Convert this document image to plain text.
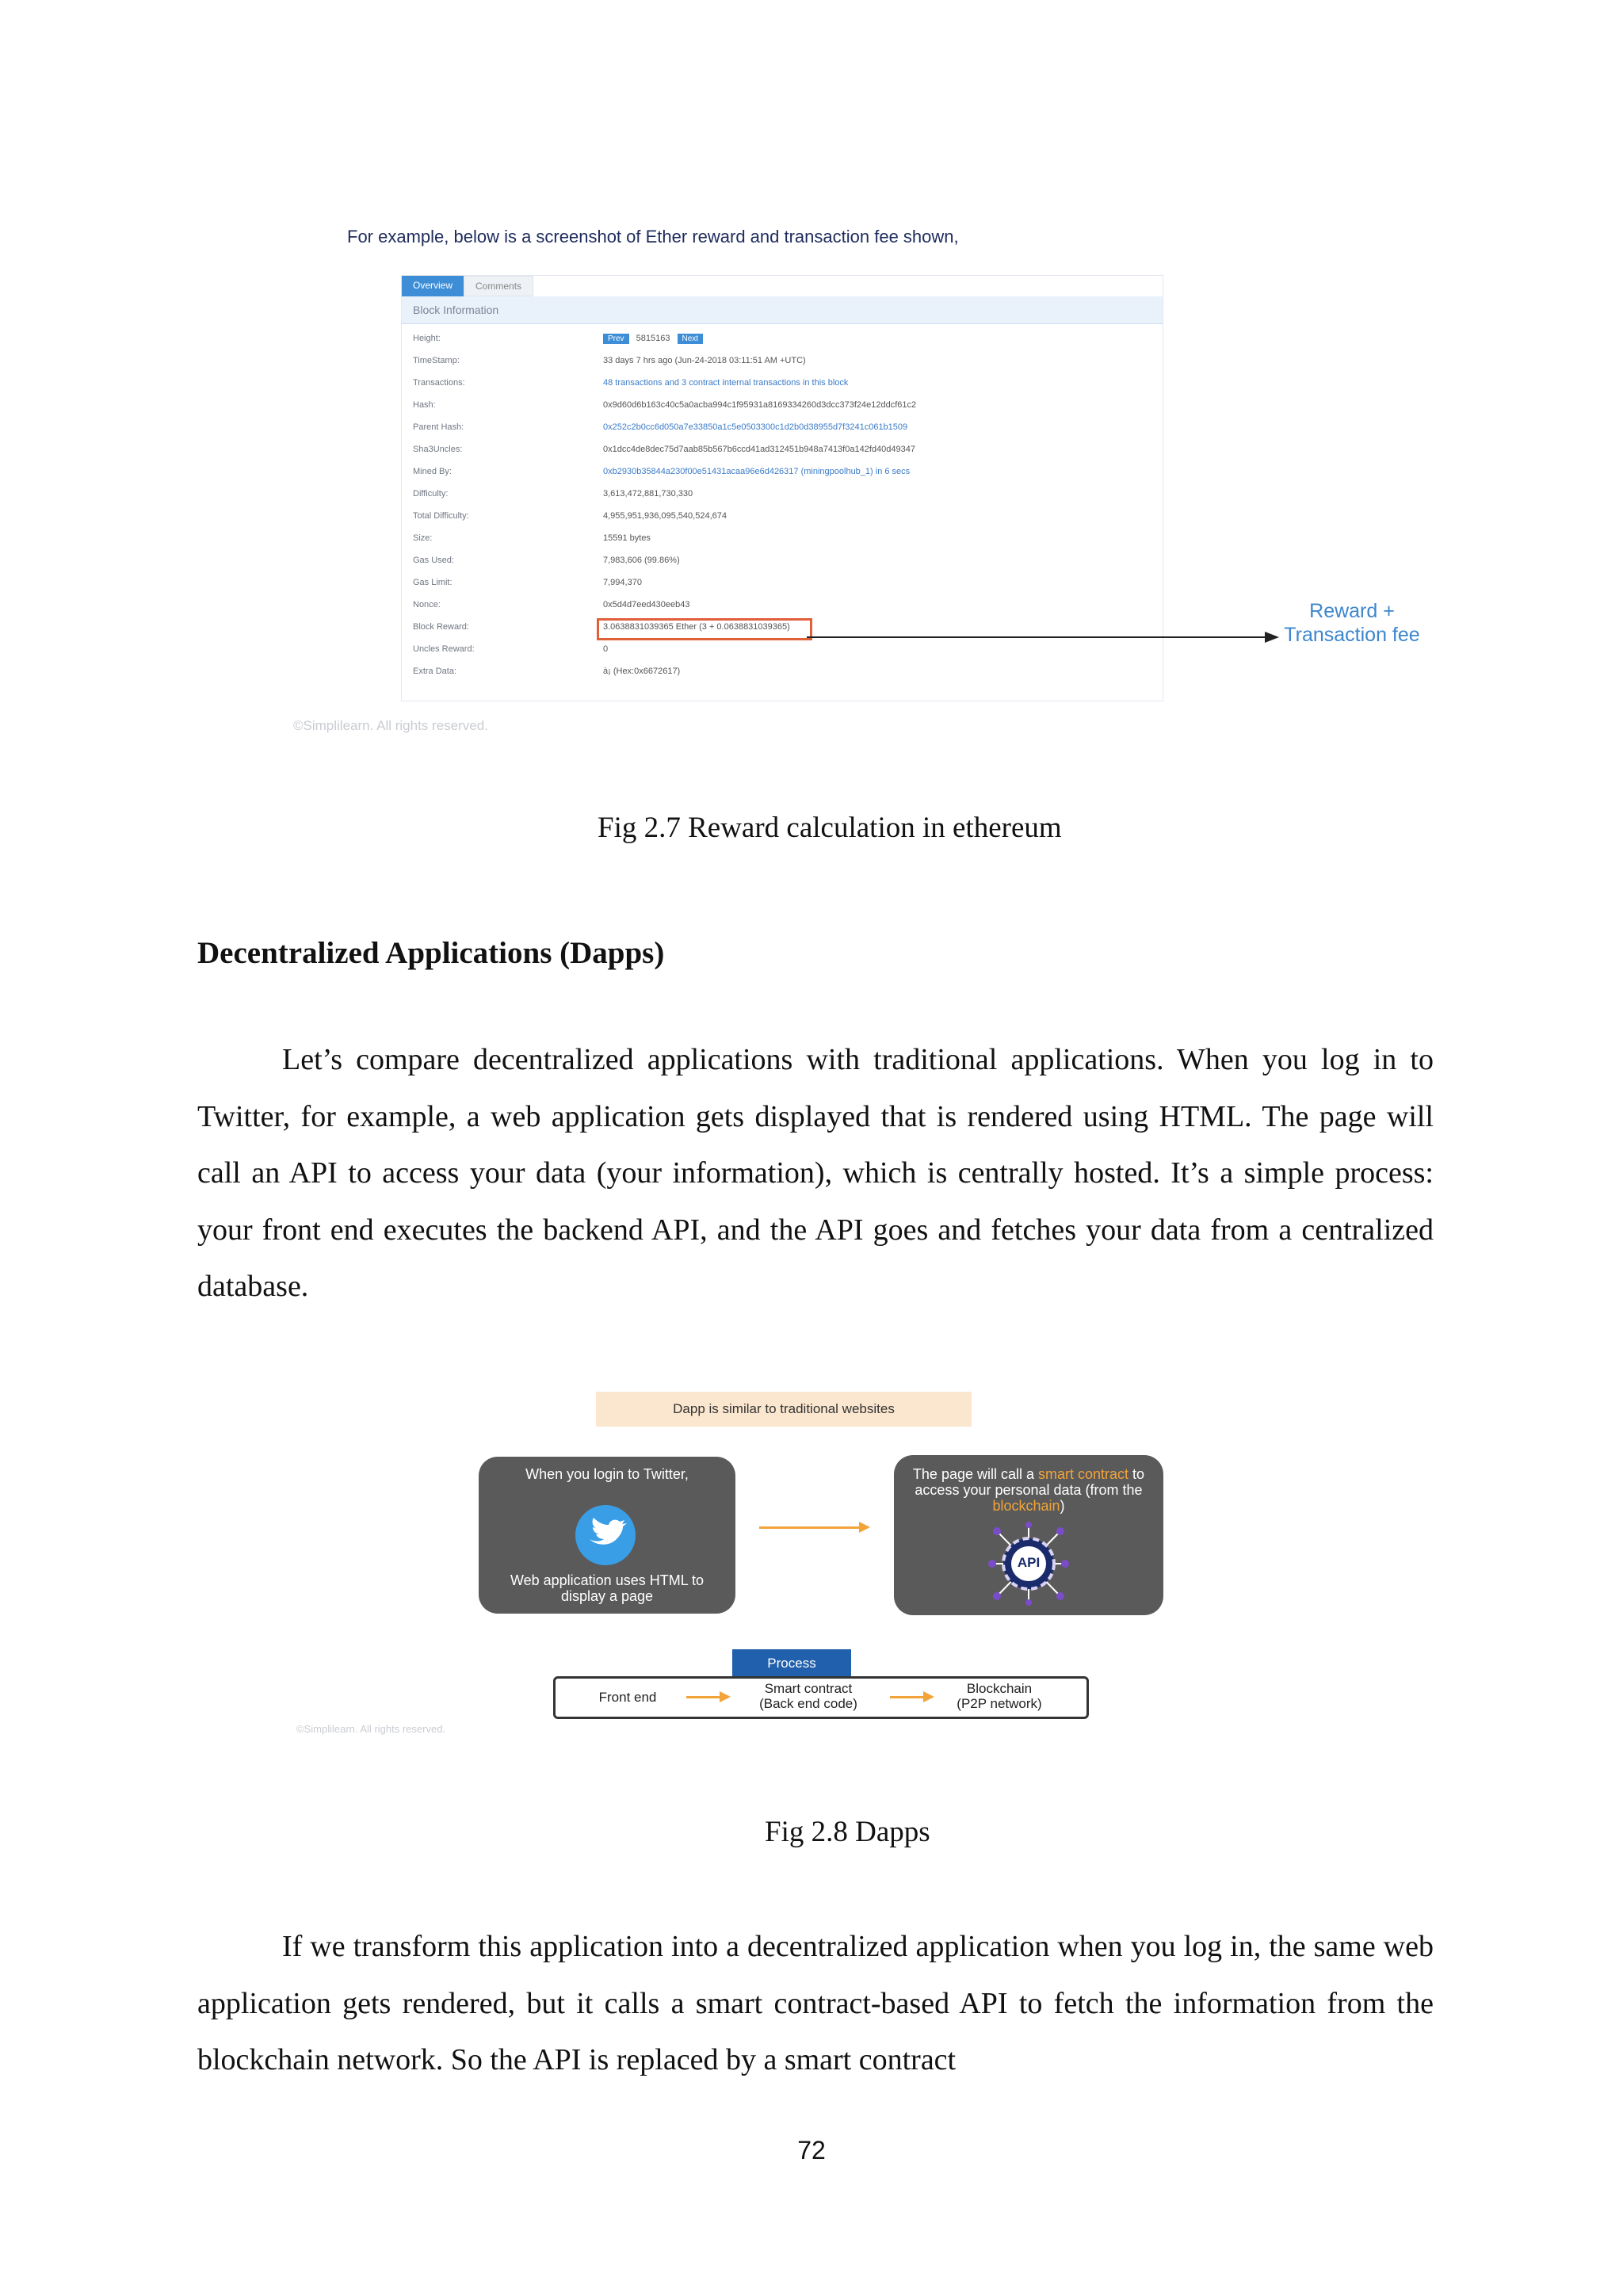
For example, below is a screenshot of Ether reward and transaction fee shown,
Overview	Comments
Block Information
Height:	Prev 5815163 Next
TimeStamp:	33 days 7 hrs ago (Jun-24-2018 03:11:51 AM +UTC)
Transactions:	48 transactions and 3 contract internal transactions in this block
Hash:	0x9d60d6b163c40c5a0acba994c1f95931a8169334260d3dcc373f24e12ddcf61c2
Parent Hash:	0x252c2b0cc6d050a7e33850a1c5e0503300c1d2b0d38955d7f3241c061b1509
Sha3Uncles:	0x1dcc4de8dec75d7aab85b567b6ccd41ad312451b948a7413f0a142fd40d49347
Mined By:	0xb2930b35844a230f00e51431acaa96e6d426317 (miningpoolhub_1) in 6 secs
Difficulty:	3,613,472,881,730,330
Total Difficulty:	4,955,951,936,095,540,524,674
Size:	15591 bytes
Gas Used:	7,983,606 (99.86%)
Gas Limit:	7,994,370
Nonce:	0x5d4d7eed430eeb43
Block Reward:	3.0638831039365 Ether (3 + 0.0638831039365)
Uncles Reward:	0
Extra Data:	à¡ (Hex:0x6672617)
Reward +
Transaction fee
©Simplilearn. All rights reserved.
Fig 2.7 Reward calculation in ethereum
Decentralized Applications (Dapps)

Let’s compare decentralized applications with traditional applications. When you log in to Twitter, for example, a web application gets displayed that is rendered using HTML. The page will call an API to access your data (your information), which is centrally hosted. It’s a simple process: your front end executes the backend API, and the API goes and fetches your data from a centralized database.

Dapp is similar to traditional websites
When you login to Twitter,
Web application uses HTML to display a page
The page will call a smart contract to access your personal data (from the blockchain)
API
Process
Front end
Smart contract
(Back end code)
Blockchain
(P2P network)
©Simplilearn. All rights reserved.
Fig 2.8 Dapps

If we transform this application into a decentralized application when you log in, the same web application gets rendered, but it calls a smart contract-based API to fetch the information from the blockchain network. So the API is replaced by a smart contract

72
